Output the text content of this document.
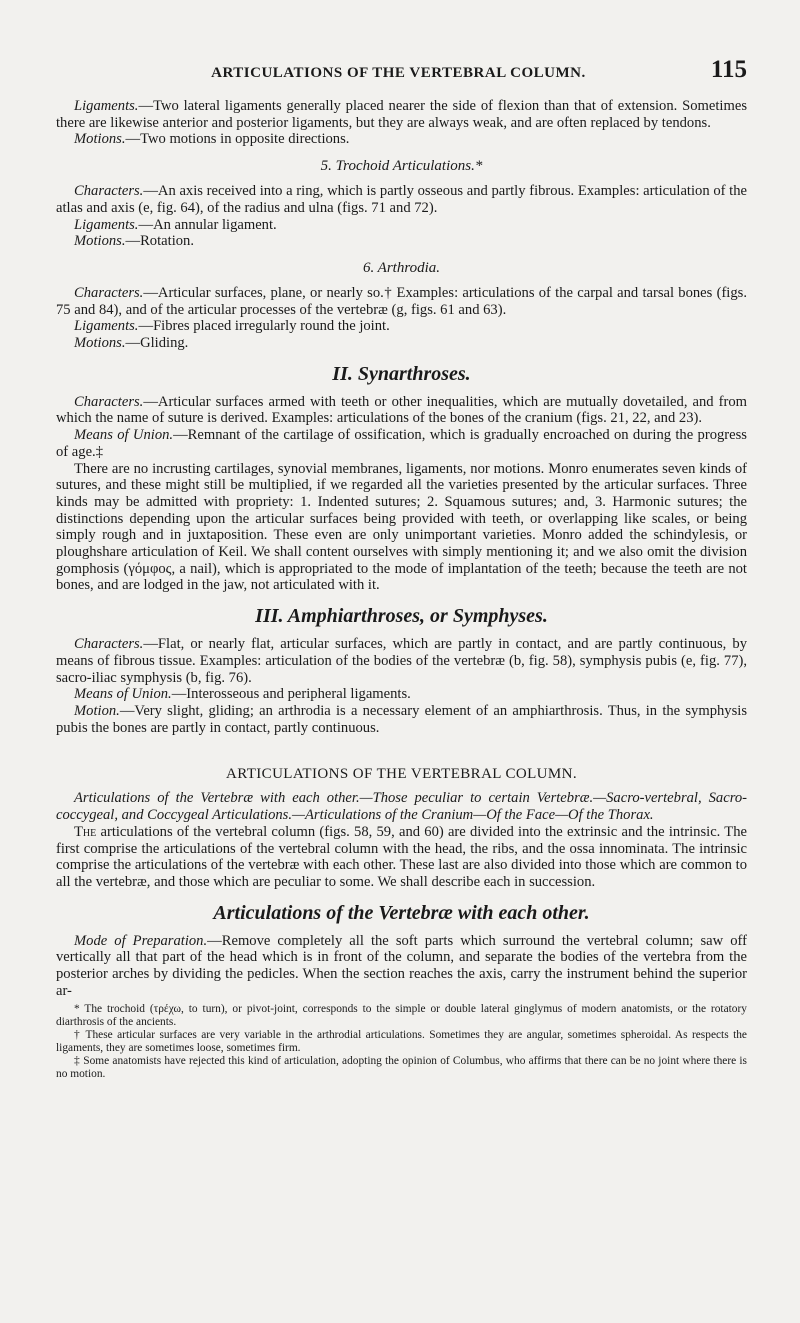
ARTICULATIONS OF THE VERTEBRAL COLUMN.	115

Ligaments.—Two lateral ligaments generally placed nearer the side of flexion than that of extension. Sometimes there are likewise anterior and posterior ligaments, but they are always weak, and are often replaced by tendons.

Motions.—Two motions in opposite directions.

5. Trochoid Articulations.*

Characters.—An axis received into a ring, which is partly osseous and partly fibrous. Examples: articulation of the atlas and axis (e, fig. 64), of the radius and ulna (figs. 71 and 72).

Ligaments.—An annular ligament.

Motions.—Rotation.

6. Arthrodia.

Characters.—Articular surfaces, plane, or nearly so.† Examples: articulations of the carpal and tarsal bones (figs. 75 and 84), and of the articular processes of the vertebræ (g, figs. 61 and 63).

Ligaments.—Fibres placed irregularly round the joint.

Motions.—Gliding.

II. Synarthroses.

Characters.—Articular surfaces armed with teeth or other inequalities, which are mutually dovetailed, and from which the name of suture is derived. Examples: articulations of the bones of the cranium (figs. 21, 22, and 23).

Means of Union.—Remnant of the cartilage of ossification, which is gradually encroached on during the progress of age.‡

There are no incrusting cartilages, synovial membranes, ligaments, nor motions. Monro enumerates seven kinds of sutures, and these might still be multiplied, if we regarded all the varieties presented by the articular surfaces. Three kinds may be admitted with propriety: 1. Indented sutures; 2. Squamous sutures; and, 3. Harmonic sutures; the distinctions depending upon the articular surfaces being provided with teeth, or overlapping like scales, or being simply rough and in juxtaposition. These even are only unimportant varieties. Monro added the schindylesis, or ploughshare articulation of Keil. We shall content ourselves with simply mentioning it; and we also omit the division gomphosis (γόμφος, a nail), which is appropriated to the mode of implantation of the teeth; because the teeth are not bones, and are lodged in the jaw, not articulated with it.

III. Amphiarthroses, or Symphyses.

Characters.—Flat, or nearly flat, articular surfaces, which are partly in contact, and are partly continuous, by means of fibrous tissue. Examples: articulation of the bodies of the vertebræ (b, fig. 58), symphysis pubis (e, fig. 77), sacro-iliac symphysis (b, fig. 76).

Means of Union.—Interosseous and peripheral ligaments.

Motion.—Very slight, gliding; an arthrodia is a necessary element of an amphiarthrosis. Thus, in the symphysis pubis the bones are partly in contact, partly continuous.

ARTICULATIONS OF THE VERTEBRAL COLUMN.

Articulations of the Vertebræ with each other.—Those peculiar to certain Vertebræ.—Sacro-vertebral, Sacro-coccygeal, and Coccygeal Articulations.—Articulations of the Cranium—Of the Face—Of the Thorax.

The articulations of the vertebral column (figs. 58, 59, and 60) are divided into the extrinsic and the intrinsic. The first comprise the articulations of the vertebral column with the head, the ribs, and the ossa innominata. The intrinsic comprise the articulations of the vertebræ with each other. These last are also divided into those which are common to all the vertebræ, and those which are peculiar to some. We shall describe each in succession.

Articulations of the Vertebræ with each other.

Mode of Preparation.—Remove completely all the soft parts which surround the vertebral column; saw off vertically all that part of the head which is in front of the column, and separate the bodies of the vertebra from the posterior arches by dividing the pedicles. When the section reaches the axis, carry the instrument behind the superior ar-

* The trochoid (τρέχω, to turn), or pivot-joint, corresponds to the simple or double lateral ginglymus of modern anatomists, or the rotatory diarthrosis of the ancients.

† These articular surfaces are very variable in the arthrodial articulations. Sometimes they are angular, sometimes spheroidal. As respects the ligaments, they are sometimes loose, sometimes firm.

‡ Some anatomists have rejected this kind of articulation, adopting the opinion of Columbus, who affirms that there can be no joint where there is no motion.
